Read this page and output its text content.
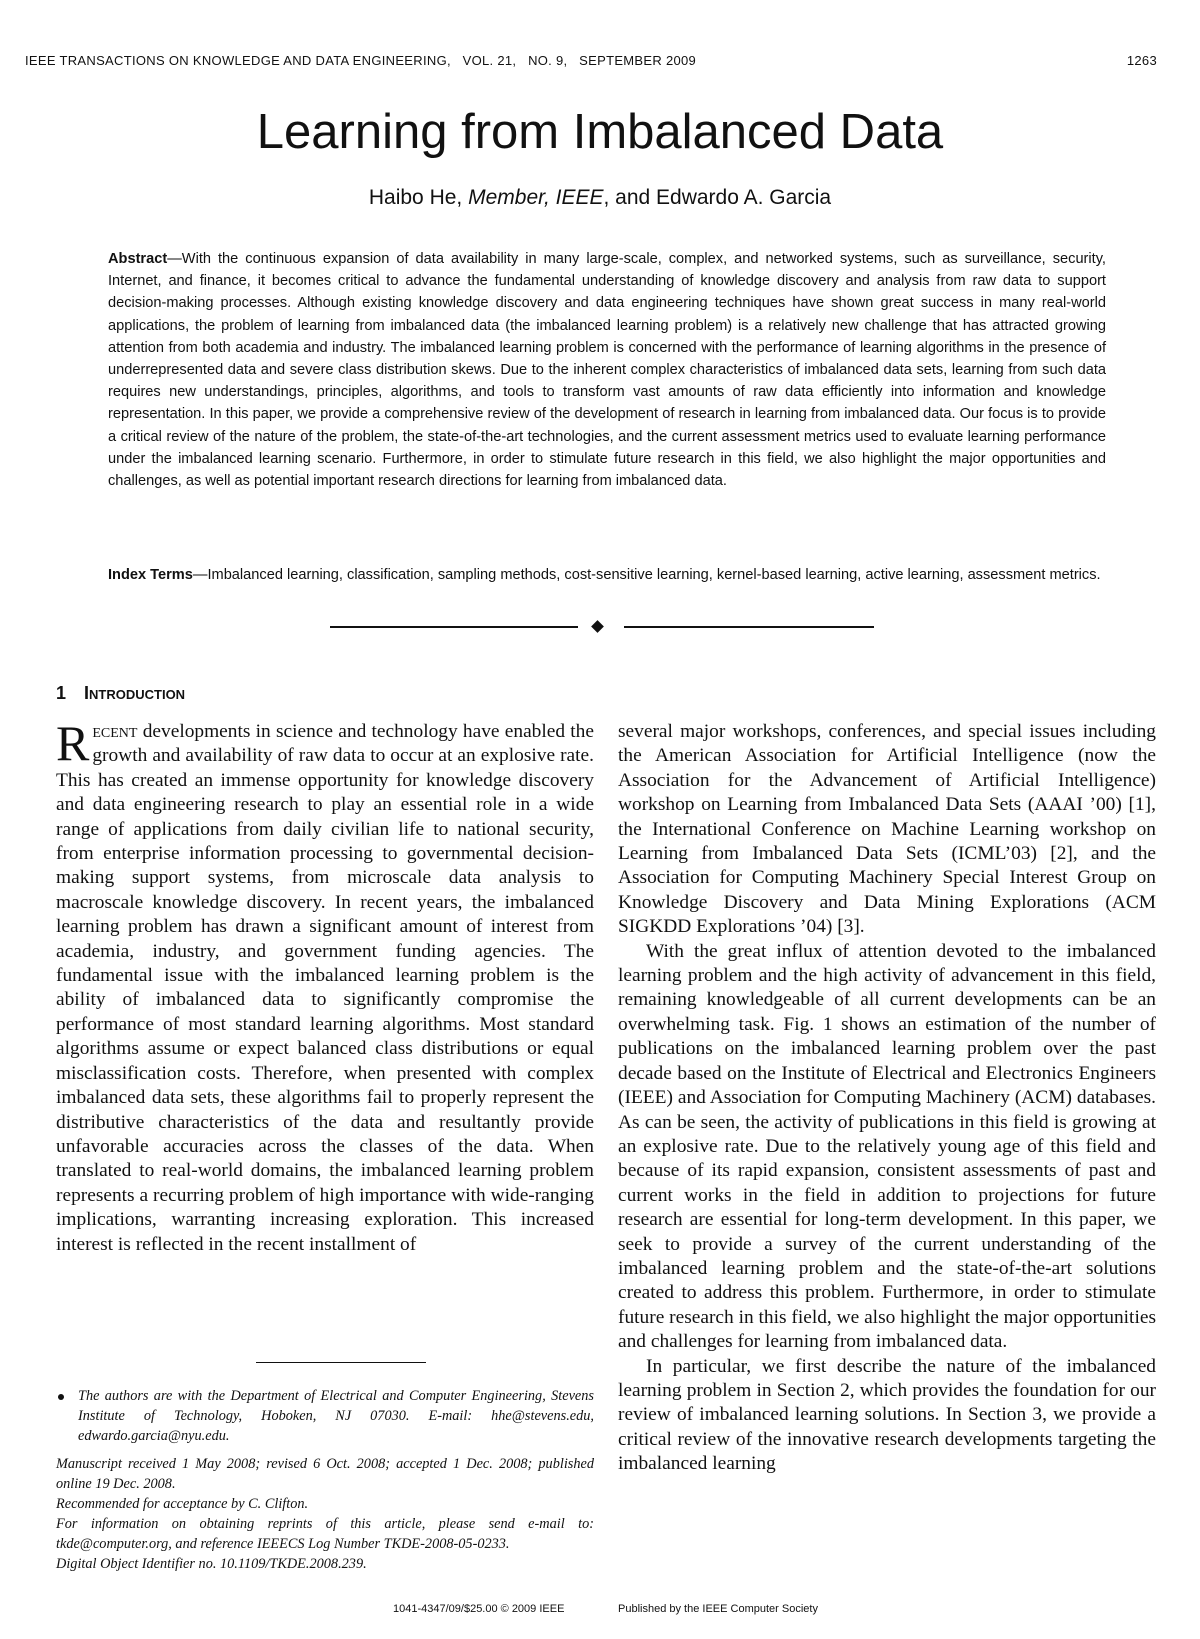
IEEE TRANSACTIONS ON KNOWLEDGE AND DATA ENGINEERING,   VOL. 21,   NO. 9,   SEPTEMBER 2009	1263
Learning from Imbalanced Data
Haibo He, Member, IEEE, and Edwardo A. Garcia

Abstract—With the continuous expansion of data availability in many large-scale, complex, and networked systems, such as surveillance, security, Internet, and finance, it becomes critical to advance the fundamental understanding of knowledge discovery and analysis from raw data to support decision-making processes. Although existing knowledge discovery and data engineering techniques have shown great success in many real-world applications, the problem of learning from imbalanced data (the imbalanced learning problem) is a relatively new challenge that has attracted growing attention from both academia and industry. The imbalanced learning problem is concerned with the performance of learning algorithms in the presence of underrepresented data and severe class distribution skews. Due to the inherent complex characteristics of imbalanced data sets, learning from such data requires new understandings, principles, algorithms, and tools to transform vast amounts of raw data efficiently into information and knowledge representation. In this paper, we provide a comprehensive review of the development of research in learning from imbalanced data. Our focus is to provide a critical review of the nature of the problem, the state-of-the-art technologies, and the current assessment metrics used to evaluate learning performance under the imbalanced learning scenario. Furthermore, in order to stimulate future research in this field, we also highlight the major opportunities and challenges, as well as potential important research directions for learning from imbalanced data.

Index Terms—Imbalanced learning, classification, sampling methods, cost-sensitive learning, kernel-based learning, active learning, assessment metrics.

1 Introduction

Recent developments in science and technology have enabled the growth and availability of raw data to occur at an explosive rate. This has created an immense opportunity for knowledge discovery and data engineering research to play an essential role in a wide range of applications from daily civilian life to national security, from enterprise information processing to governmental decision-making support systems, from microscale data analysis to macroscale knowledge discovery. In recent years, the imbalanced learning problem has drawn a significant amount of interest from academia, industry, and government funding agencies. The fundamental issue with the imbalanced learning problem is the ability of imbalanced data to significantly compromise the performance of most standard learning algorithms. Most standard algorithms assume or expect balanced class distributions or equal misclassification costs. Therefore, when presented with complex imbalanced data sets, these algorithms fail to properly represent the distributive characteristics of the data and resultantly provide unfavorable accuracies across the classes of the data. When translated to real-world domains, the imbalanced learning problem represents a recurring problem of high importance with wide-ranging implications, warranting increasing exploration. This increased interest is reflected in the recent installment of

several major workshops, conferences, and special issues including the American Association for Artificial Intelligence (now the Association for the Advancement of Artificial Intelligence) workshop on Learning from Imbalanced Data Sets (AAAI ’00) [1], the International Conference on Machine Learning workshop on Learning from Imbalanced Data Sets (ICML’03) [2], and the Association for Computing Machinery Special Interest Group on Knowledge Discovery and Data Mining Explorations (ACM SIGKDD Explorations ’04) [3].

With the great influx of attention devoted to the imbalanced learning problem and the high activity of advancement in this field, remaining knowledgeable of all current developments can be an overwhelming task. Fig. 1 shows an estimation of the number of publications on the imbalanced learning problem over the past decade based on the Institute of Electrical and Electronics Engineers (IEEE) and Association for Computing Machinery (ACM) databases. As can be seen, the activity of publications in this field is growing at an explosive rate. Due to the relatively young age of this field and because of its rapid expansion, consistent assessments of past and current works in the field in addition to projections for future research are essential for long-term development. In this paper, we seek to provide a survey of the current understanding of the imbalanced learning problem and the state-of-the-art solutions created to address this problem. Furthermore, in order to stimulate future research in this field, we also highlight the major opportunities and challenges for learning from imbalanced data.

In particular, we first describe the nature of the imbalanced learning problem in Section 2, which provides the foundation for our review of imbalanced learning solutions. In Section 3, we provide a critical review of the innovative research developments targeting the imbalanced learning

The authors are with the Department of Electrical and Computer Engineering, Stevens Institute of Technology, Hoboken, NJ 07030. E-mail: hhe@stevens.edu, edwardo.garcia@nyu.edu.

Manuscript received 1 May 2008; revised 6 Oct. 2008; accepted 1 Dec. 2008; published online 19 Dec. 2008.

Recommended for acceptance by C. Clifton.

For information on obtaining reprints of this article, please send e-mail to: tkde@computer.org, and reference IEEECS Log Number TKDE-2008-05-0233.

Digital Object Identifier no. 10.1109/TKDE.2008.239.

1041-4347/09/$25.00 © 2009 IEEE	Published by the IEEE Computer Society
